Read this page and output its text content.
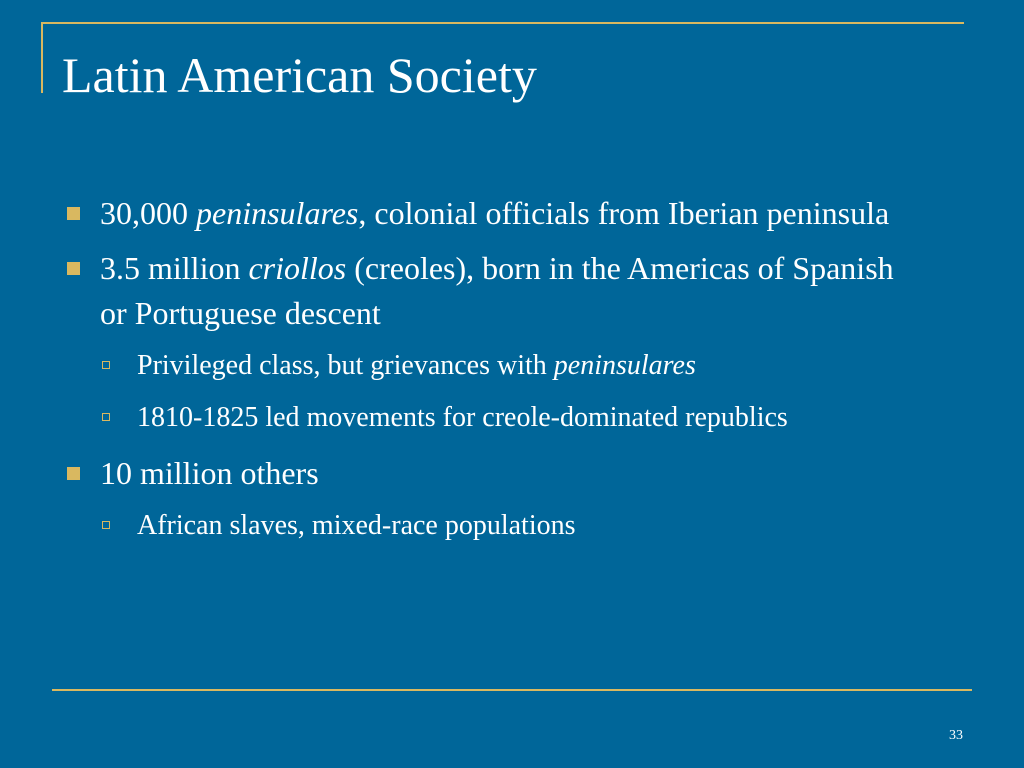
Latin American Society
30,000 peninsulares, colonial officials from Iberian peninsula
3.5 million criollos (creoles), born in the Americas of Spanish or Portuguese descent
Privileged class, but grievances with peninsulares
1810-1825 led movements for creole-dominated republics
10 million others
African slaves, mixed-race populations
33
